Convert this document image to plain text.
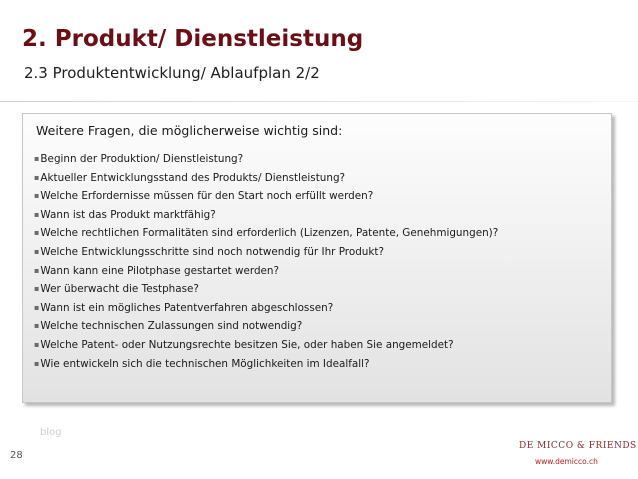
2. Produkt/ Dienstleistung
2.3 Produktentwicklung/ Ablaufplan 2/2
Weitere Fragen, die möglicherweise wichtig sind:
▪Beginn der Produktion/ Dienstleistung?
▪Aktueller Entwicklungsstand des Produkts/ Dienstleistung?
▪Welche Erfordernisse müssen für den Start noch erfüllt werden?
▪Wann ist das Produkt marktfähig?
▪Welche rechtlichen Formalitäten sind erforderlich (Lizenzen, Patente, Genehmigungen)?
▪Welche Entwicklungsschritte sind noch notwendig für Ihr Produkt?
▪Wann kann eine Pilotphase gestartet werden?
▪Wer überwacht die Testphase?
▪Wann ist ein mögliches Patentverfahren abgeschlossen?
▪Welche technischen Zulassungen sind notwendig?
▪Welche Patent- oder Nutzungsrechte besitzen Sie, oder haben Sie angemeldet?
▪Wie entwickeln sich die technischen Möglichkeiten im Idealfall?
blog
28
DE MICCO & FRIENDS
www.demicco.ch
